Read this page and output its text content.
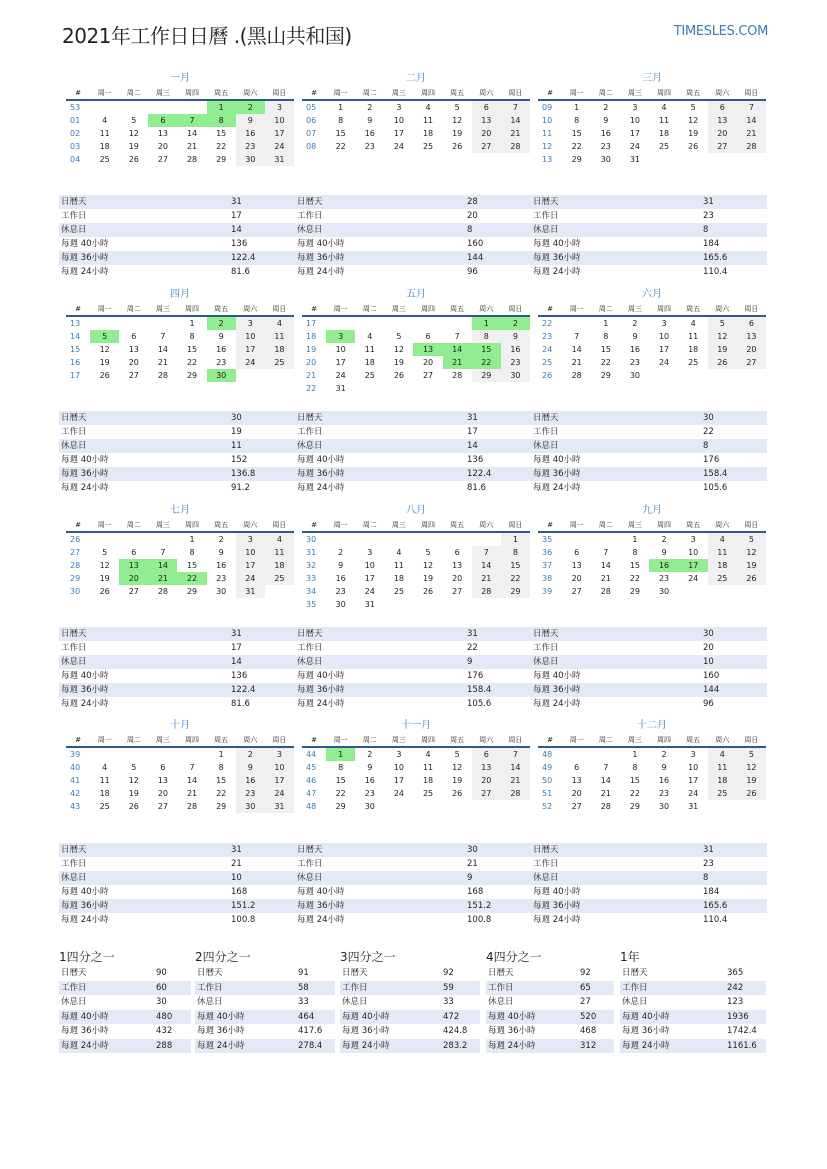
2021年工作日日曆 .(黑山共和国)	TIMESLES.COM
一月
#	周一	周二	周三	周四	周五	周六	周日
53					1	2	3
01	4	5	6	7	8	9	10
02	11	12	13	14	15	16	17
03	18	19	20	21	22	23	24
04	25	26	27	28	29	30	31
日曆天	31
工作日	17
休息日	14
每週 40小時	136
每週 36小時	122.4
每週 24小時	81.6
二月
#	周一	周二	周三	周四	周五	周六	周日
05	1	2	3	4	5	6	7
06	8	9	10	11	12	13	14
07	15	16	17	18	19	20	21
08	22	23	24	25	26	27	28
日曆天	28
工作日	20
休息日	8
每週 40小時	160
每週 36小時	144
每週 24小時	96
三月
#	周一	周二	周三	周四	周五	周六	周日
09	1	2	3	4	5	6	7
10	8	9	10	11	12	13	14
11	15	16	17	18	19	20	21
12	22	23	24	25	26	27	28
13	29	30	31				
日曆天	31
工作日	23
休息日	8
每週 40小時	184
每週 36小時	165.6
每週 24小時	110.4
四月
#	周一	周二	周三	周四	周五	周六	周日
13				1	2	3	4
14	5	6	7	8	9	10	11
15	12	13	14	15	16	17	18
16	19	20	21	22	23	24	25
17	26	27	28	29	30		
日曆天	30
工作日	19
休息日	11
每週 40小時	152
每週 36小時	136.8
每週 24小時	91.2
五月
#	周一	周二	周三	周四	周五	周六	周日
17						1	2
18	3	4	5	6	7	8	9
19	10	11	12	13	14	15	16
20	17	18	19	20	21	22	23
21	24	25	26	27	28	29	30
22	31						
日曆天	31
工作日	17
休息日	14
每週 40小時	136
每週 36小時	122.4
每週 24小時	81.6
六月
#	周一	周二	周三	周四	周五	周六	周日
22		1	2	3	4	5	6
23	7	8	9	10	11	12	13
24	14	15	16	17	18	19	20
25	21	22	23	24	25	26	27
26	28	29	30				
日曆天	30
工作日	22
休息日	8
每週 40小時	176
每週 36小時	158.4
每週 24小時	105.6
七月
#	周一	周二	周三	周四	周五	周六	周日
26				1	2	3	4
27	5	6	7	8	9	10	11
28	12	13	14	15	16	17	18
29	19	20	21	22	23	24	25
30	26	27	28	29	30	31	
日曆天	31
工作日	17
休息日	14
每週 40小時	136
每週 36小時	122.4
每週 24小時	81.6
八月
#	周一	周二	周三	周四	周五	周六	周日
30							1
31	2	3	4	5	6	7	8
32	9	10	11	12	13	14	15
33	16	17	18	19	20	21	22
34	23	24	25	26	27	28	29
35	30	31					
日曆天	31
工作日	22
休息日	9
每週 40小時	176
每週 36小時	158.4
每週 24小時	105.6
九月
#	周一	周二	周三	周四	周五	周六	周日
35			1	2	3	4	5
36	6	7	8	9	10	11	12
37	13	14	15	16	17	18	19
38	20	21	22	23	24	25	26
39	27	28	29	30			
日曆天	30
工作日	20
休息日	10
每週 40小時	160
每週 36小時	144
每週 24小時	96
十月
#	周一	周二	周三	周四	周五	周六	周日
39					1	2	3
40	4	5	6	7	8	9	10
41	11	12	13	14	15	16	17
42	18	19	20	21	22	23	24
43	25	26	27	28	29	30	31
日曆天	31
工作日	21
休息日	10
每週 40小時	168
每週 36小時	151.2
每週 24小時	100.8
十一月
#	周一	周二	周三	周四	周五	周六	周日
44	1	2	3	4	5	6	7
45	8	9	10	11	12	13	14
46	15	16	17	18	19	20	21
47	22	23	24	25	26	27	28
48	29	30					
日曆天	30
工作日	21
休息日	9
每週 40小時	168
每週 36小時	151.2
每週 24小時	100.8
十二月
#	周一	周二	周三	周四	周五	周六	周日
48			1	2	3	4	5
49	6	7	8	9	10	11	12
50	13	14	15	16	17	18	19
51	20	21	22	23	24	25	26
52	27	28	29	30	31		
日曆天	31
工作日	23
休息日	8
每週 40小時	184
每週 36小時	165.6
每週 24小時	110.4
1四分之一
日曆天	90
工作日	60
休息日	30
每週 40小時	480
每週 36小時	432
每週 24小時	288
2四分之一
日曆天	91
工作日	58
休息日	33
每週 40小時	464
每週 36小時	417.6
每週 24小時	278.4
3四分之一
日曆天	92
工作日	59
休息日	33
每週 40小時	472
每週 36小時	424.8
每週 24小時	283.2
4四分之一
日曆天	92
工作日	65
休息日	27
每週 40小時	520
每週 36小時	468
每週 24小時	312
1年
日曆天	365
工作日	242
休息日	123
每週 40小時	1936
每週 36小時	1742.4
每週 24小時	1161.6
